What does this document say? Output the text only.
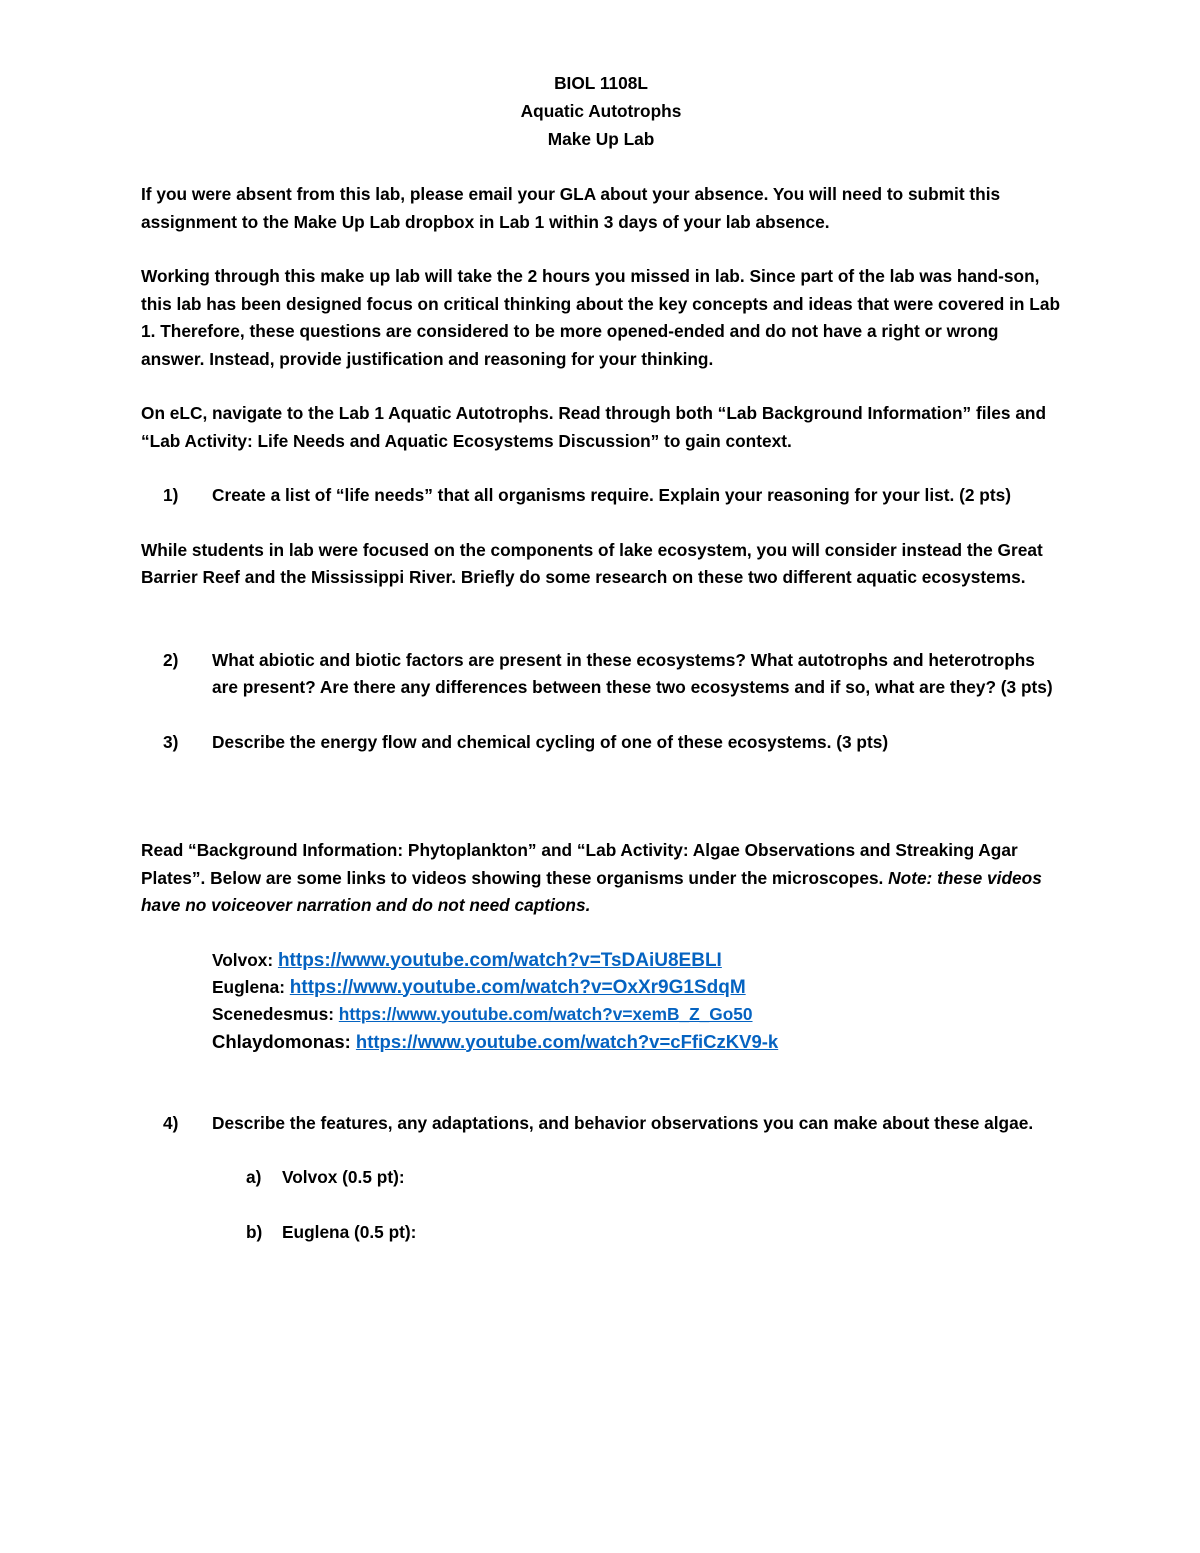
BIOL 1108L
Aquatic Autotrophs
Make Up Lab

If you were absent from this lab, please email your GLA about your absence. You will need to submit this assignment to the Make Up Lab dropbox in Lab 1 within 3 days of your lab absence.

Working through this make up lab will take the 2 hours you missed in lab. Since part of the lab was hand-son, this lab has been designed focus on critical thinking about the key concepts and ideas that were covered in Lab 1. Therefore, these questions are considered to be more opened-ended and do not have a right or wrong answer. Instead, provide justification and reasoning for your thinking.

On eLC, navigate to the Lab 1 Aquatic Autotrophs. Read through both “Lab Background Information” files and “Lab Activity: Life Needs and Aquatic Ecosystems Discussion” to gain context.

1) Create a list of “life needs” that all organisms require. Explain your reasoning for your list. (2 pts)

While students in lab were focused on the components of lake ecosystem, you will consider instead the Great Barrier Reef and the Mississippi River. Briefly do some research on these two different aquatic ecosystems.

2) What abiotic and biotic factors are present in these ecosystems? What autotrophs and heterotrophs are present? Are there any differences between these two ecosystems and if so, what are they? (3 pts)
3) Describe the energy flow and chemical cycling of one of these ecosystems. (3 pts)

Read “Background Information: Phytoplankton” and “Lab Activity: Algae Observations and Streaking Agar Plates”. Below are some links to videos showing these organisms under the microscopes. Note: these videos have no voiceover narration and do not need captions.

Volvox: https://www.youtube.com/watch?v=TsDAiU8EBLI
Euglena: https://www.youtube.com/watch?v=OxXr9G1SdqM
Scenedesmus: https://www.youtube.com/watch?v=xemB_Z_Go50
Chlaydomonas: https://www.youtube.com/watch?v=cFfiCzKV9-k
4) Describe the features, any adaptations, and behavior observations you can make about these algae.
a) Volvox (0.5 pt):
b) Euglena (0.5 pt):
